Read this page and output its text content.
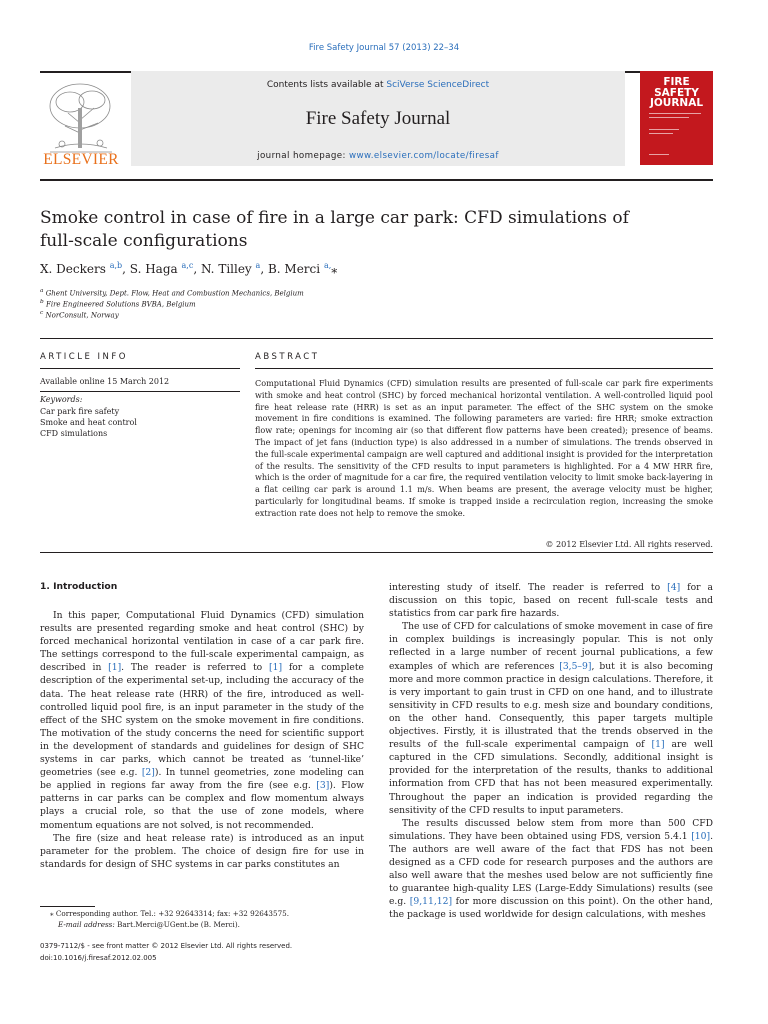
Fire Safety Journal 57 (2013) 22–34
ELSEVIER
Contents lists available at SciVerse ScienceDirect
Fire Safety Journal
journal homepage: www.elsevier.com/locate/firesaf
FIRE
SAFETY
JOURNAL
Smoke control in case of fire in a large car park: CFD simulations of
full-scale configurations
X. Deckers $^{a,b}$, S. Haga $^{a,c}$, N. Tilley $^a$, B. Merci $^{a,}$⁎
$^a$ Ghent University, Dept. Flow, Heat and Combustion Mechanics, Belgium
$^b$ Fire Engineered Solutions BVBA, Belgium
$^c$ NorConsult, Norway
ARTICLE INFO
Available online 15 March 2012
Keywords:
Car park fire safety
Smoke and heat control
CFD simulations
ABSTRACT
Computational Fluid Dynamics (CFD) simulation results are presented of full-scale car park fire experiments with smoke and heat control (SHC) by forced mechanical horizontal ventilation. A well-controlled liquid pool fire heat release rate (HRR) is set as an input parameter. The effect of the SHC system on the smoke movement in fire conditions is examined. The following parameters are varied: fire HRR; smoke extraction flow rate; openings for incoming air (so that different flow patterns have been created); presence of beams. The impact of jet fans (induction type) is also addressed in a number of simulations. The trends observed in the full-scale experimental campaign are well captured and additional insight is provided for the interpretation of the results. The sensitivity of the CFD results to input parameters is highlighted. For a 4 MW HRR fire, which is the order of magnitude for a car fire, the required ventilation velocity to limit smoke back-layering in a flat ceiling car park is around 1.1 m/s. When beams are present, the average velocity must be higher, particularly for longitudinal beams. If smoke is trapped inside a recirculation region, increasing the smoke extraction rate does not help to remove the smoke.
© 2012 Elsevier Ltd. All rights reserved.
1. Introduction

In this paper, Computational Fluid Dynamics (CFD) simulation results are presented regarding smoke and heat control (SHC) by forced mechanical horizontal ventilation in case of a car park fire. The settings correspond to the full-scale experimental campaign, as described in [1]. The reader is referred to [1] for a complete description of the experimental set-up, including the accuracy of the data. The heat release rate (HRR) of the fire, introduced as well-controlled liquid pool fire, is an input parameter in the study of the effect of the SHC system on the smoke movement in fire conditions. The motivation of the study concerns the need for scientific support in the development of standards and guidelines for design of SHC systems in car parks, which cannot be treated as ‘tunnel-like’ geometries (see e.g. [2]). In tunnel geometries, zone modeling can be applied in regions far away from the fire (see e.g. [3]). Flow patterns in car parks can be complex and flow momentum always plays a crucial role, so that the use of zone models, where momentum equations are not solved, is not recommended.

The fire (size and heat release rate) is introduced as an input parameter for the problem. The choice of design fire for use in standards for design of SHC systems in car parks constitutes an

interesting study of itself. The reader is referred to [4] for a discussion on this topic, based on recent full-scale tests and statistics from car park fire hazards.

The use of CFD for calculations of smoke movement in case of fire in complex buildings is increasingly popular. This is not only reflected in a large number of recent journal publications, a few examples of which are references [3,5–9], but it is also becoming more and more common practice in design calculations. Therefore, it is very important to gain trust in CFD on one hand, and to illustrate sensitivity in CFD results to e.g. mesh size and boundary conditions, on the other hand. Consequently, this paper targets multiple objectives. Firstly, it is illustrated that the trends observed in the results of the full-scale experimental campaign of [1] are well captured in the CFD simulations. Secondly, additional insight is provided for the interpretation of the results, thanks to additional information from CFD that has not been measured experimentally. Throughout the paper an indication is provided regarding the sensitivity of the CFD results to input parameters.

The results discussed below stem from more than 500 CFD simulations. They have been obtained using FDS, version 5.4.1 [10]. The authors are well aware of the fact that FDS has not been designed as a CFD code for research purposes and the authors are also well aware that the meshes used below are not sufficiently fine to guarantee high-quality LES (Large-Eddy Simulations) results (see e.g. [9,11,12] for more discussion on this point). On the other hand, the package is used worldwide for design calculations, with meshes

⁎ Corresponding author. Tel.: +32 92643314; fax: +32 92643575.
E-mail address: Bart.Merci@UGent.be (B. Merci).
0379-7112/$ - see front matter © 2012 Elsevier Ltd. All rights reserved.
doi:10.1016/j.firesaf.2012.02.005
